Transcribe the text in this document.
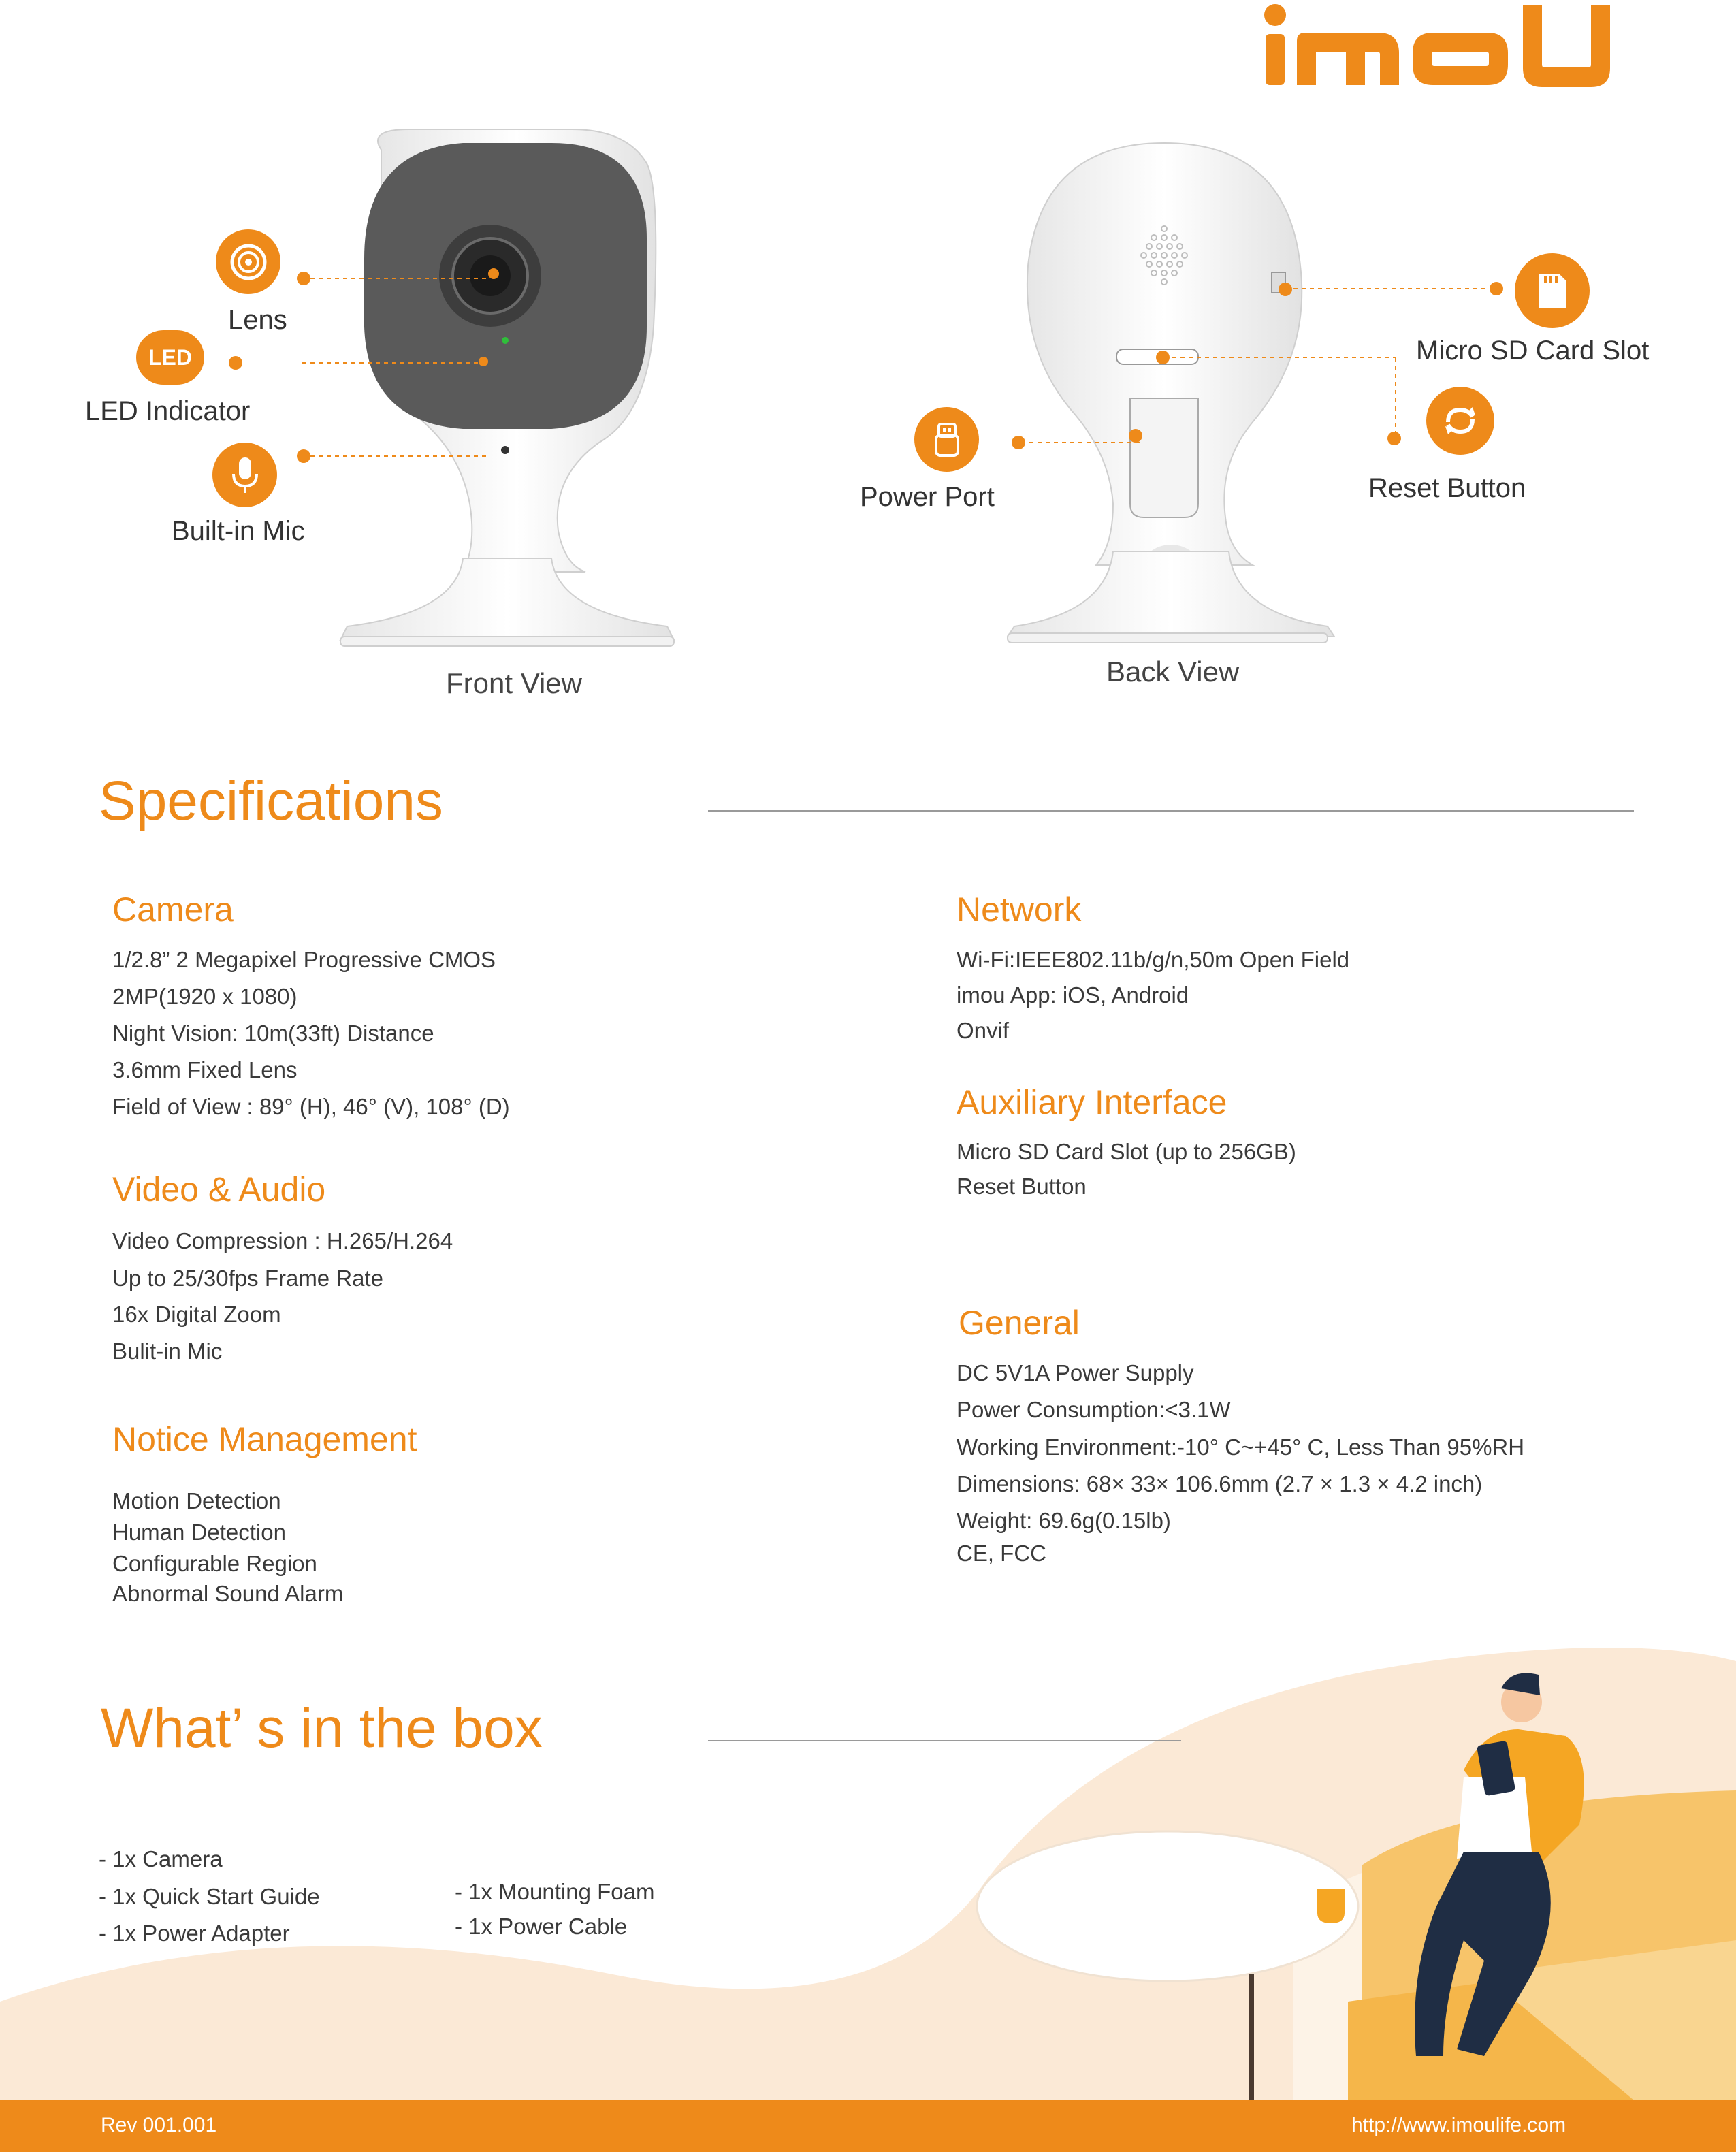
Lens
LED
LED Indicator
Built-in Mic
Front View
Micro SD Card Slot
Reset Button
Power Port
Back View
Specifications
Camera
1/2.8” 2 Megapixel Progressive CMOS
2MP(1920 x 1080)
Night Vision: 10m(33ft) Distance
3.6mm Fixed Lens
Field of View : 89° (H), 46° (V), 108° (D)
Video & Audio
Video Compression : H.265/H.264
Up to 25/30fps Frame Rate
16x Digital Zoom
Bulit-in Mic
Notice Management
Motion Detection
Human Detection
Configurable Region
Abnormal Sound Alarm
Network
Wi-Fi:IEEE802.11b/g/n,50m Open Field
imou App: iOS, Android
Onvif
Auxiliary Interface
Micro SD Card Slot (up to 256GB)
Reset Button
General
DC 5V1A Power Supply
Power Consumption:<3.1W
Working Environment:-10° C~+45° C, Less Than 95%RH
Dimensions: 68× 33× 106.6mm (2.7 × 1.3 × 4.2 inch)
Weight: 69.6g(0.15lb)
CE, FCC
What’ s in the box
- 1x Camera
- 1x Quick Start Guide
- 1x Power Adapter
- 1x Mounting Foam
- 1x Power Cable
Rev 001.001	http://www.imoulife.com
